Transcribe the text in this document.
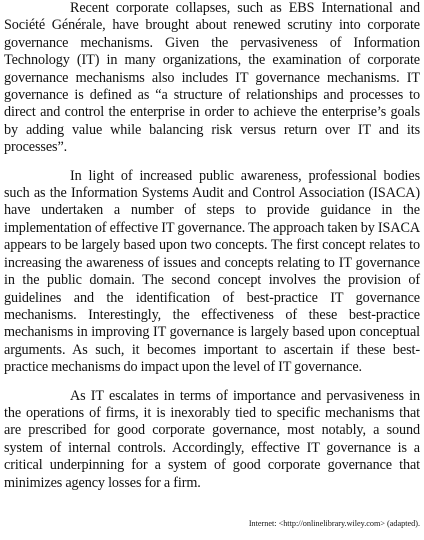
Recent corporate collapses, such as EBS International and Société Générale, have brought about renewed scrutiny into corporate governance mechanisms. Given the pervasiveness of Information Technology (IT) in many organizations, the examination of corporate governance mechanisms also includes IT governance mechanisms. IT governance is defined as “a structure of relationships and processes to direct and control the enterprise in order to achieve the enterprise’s goals by adding value while balancing risk versus return over IT and its processes”.

In light of increased public awareness, professional bodies such as the Information Systems Audit and Control Association (ISACA) have undertaken a number of steps to provide guidance in the implementation of effective IT governance. The approach taken by ISACA appears to be largely based upon two concepts. The first concept relates to increasing the awareness of issues and concepts relating to IT governance in the public domain. The second concept involves the provision of guidelines and the identification of best-practice IT governance mechanisms. Interestingly, the effectiveness of these best-practice mechanisms in improving IT governance is largely based upon conceptual arguments. As such, it becomes important to ascertain if these best-practice mechanisms do impact upon the level of IT governance.

As IT escalates in terms of importance and pervasiveness in the operations of firms, it is inexorably tied to specific mechanisms that are prescribed for good corporate governance, most notably, a sound system of internal controls. Accordingly, effective IT governance is a critical underpinning for a system of good corporate governance that minimizes agency losses for a firm.

Internet: <http://onlinelibrary.wiley.com> (adapted).
